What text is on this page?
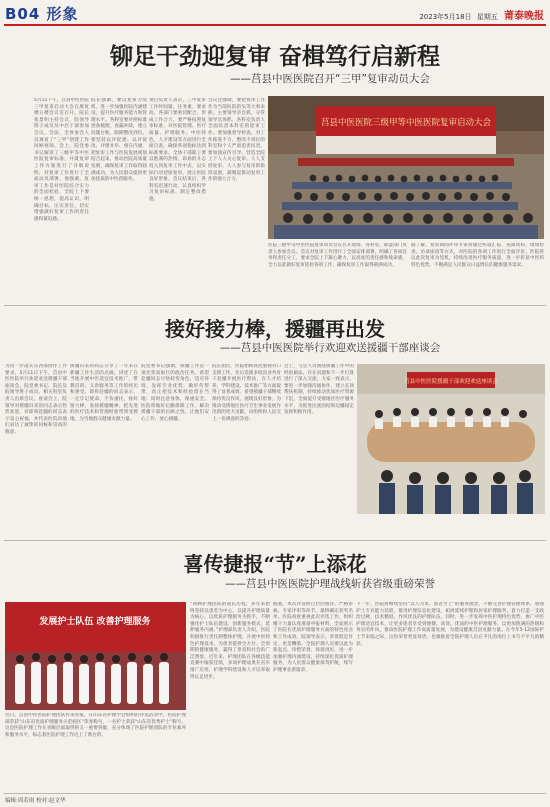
B04 形象	2023年5月18日 星期五 莆泰晚报
铆足干劲迎复审 奋楫笃行启新程
——莒县中医医院召开“三甲”复审动员大会
5月11下午，莒县中医医院三甲复审启动大会在康复楼五楼会议室召开。院长张景明主持会议，院领导班子成员及中层干部参加会议。会前，全体参会人员观看了“三甲”创建工作回顾视频。会上，院党委书记解读了三级甲等中医医院复审标准，并就复审工作方案进行了详细说明，对复审工作进行了全面动员部署。他强调，复审工作是对医院综合实力的全面检验，全院上下要统一思想，提高认识，明确目标，压实责任，切实增强做好复审工作的责任感和紧迫感。
院长强调，要以复审为契机，进一步加强医院内涵建设，提升医疗服务能力和管理水平。各科室要对照标准逐条梳理，查漏补缺，建立问题台账，限期整改到位。要坚持以评促建、以评促改、评建并举、重在内涵，把复审工作与医院发展规划结合起来，推动医院高质量发展，确保复审工作取得圆满成功，为人民群众提供更加优质的中医药服务。
项目负责人表示，三甲复审工作时间紧、任务重、要求高，各部门要密切配合，形成工作合力。要严格按照复审标准，对医院管理、医疗质量、护理服务、中医特色、人才建设等方面进行全面自查，确保各项指标达到标准要求。全体干部职工要以饱满的热情、昂扬的斗志投入到复审工作中去，以实际行动迎接复审，展示医院良好形象。会议结束后，各科室迅速行动，认真组织学习复审标准，制定整改措施。
会议还强调，要把复审工作作为当前医院的头等大事来抓，主要领导亲自抓，分管领导具体抓，各科室负责人全面负责本科室的迎审工作。要加强督导检查，对工作推进不力、整改不到位的科室和个人严肃追责问责。要加强宣传引导，营造全院上下人人关心复审、人人支持复审、人人参与复审的浓厚氛围，凝聚起推动复审工作的强大合力。
莒县中医医院三级甲等中医医院复审启动大会
医院三级甲等中医医院复审动员会议召开现场，各科室、职能部门负责人参加会议。会议对复审工作进行了全面安排部署，明确了各项任务和责任分工，要求全院上下凝心聚力，以高度的责任感和使命感，全力以赴做好复审迎检各项工作，确保复审工作取得圆满成功。
据了解，复审期间评审专家将通过听取汇报、查阅资料、现场检查、访谈座谈等方式，对医院的各项工作进行全面评价。医院将以此次复审为契机，持续改进医疗服务质量，进一步彰显中医药特色优势，不断满足人民群众日益增长的健康服务需求。
接好接力棒，援疆再出发
——莒县中医医院举行欢迎欢送援疆干部座谈会
为进一步落实东西部协作工作要求，5月11日下午，莒县中医医院举行欢迎欢送援疆干部座谈会。院党委书记、院长及院领导班子成员、相关科室负责人出席会议。座谈会上，院领导对援疆归来的同志表示热烈欢迎，对即将赴疆的同志表示衷心祝福，并代表医院向他们表达了诚挚的问候和崇高的敬意。
援疆归来的同志分享了一年来在新疆工作生活的点滴，讲述了在当地开展中医适宜技术推广、带教培训、义诊服务等工作的经历和感受。即将赴疆的同志表示，一定牢记使命、不负重托，接好接力棒，发扬援疆精神，把先进的医疗技术和管理经验带到受援地，为当地群众健康贡献力量。
院党委书记强调，援疆工作是一项光荣而艰巨的政治任务。希望赴疆同志尽快转变角色、适应环境，发挥专业优势，做好传帮带，真正把技术和经验留在当地；同时注意身体，保重安全。医院将做好后勤保障工作，解决援疆干部的后顾之忧，让他们安心工作、放心援疆。
院长指出，医院始终高度重视对口支援工作，先后选派多批次业务骨干赴疆开展医疗帮扶，在人才培养、学科建设、技术推广等方面取得了显著成效。希望援疆干部继续保持优良作风，展现良好形象，为推动受援地区医疗卫生事业发展作出新的更大贡献，向组织和人民交上一份满意的答卷。
会上，与会人员围绕援疆工作中的经验做法、存在问题和下一步打算进行了深入交流。大家一致表示，要进一步加强沟通协作，建立长效帮扶机制，持续推动优质医疗资源下沉，全面提升受援地区医疗服务水平，为促进民族团结和边疆稳定发挥积极作用。
莒县中医医院援疆干部欢迎欢送座谈会
喜传捷报“节”上添花
——莒县中医医院护理战线斩获省级重磅荣誉
发展护士队伍 改善护理服务
近日，莒县中医医院护理团队传来喜报，在山东省护理学会组织的评选活动中，医院护理部荣获“山东省优质护理服务示范病区”荣誉称号，一名护士荣获“山东省优秀护士”称号。这是医院护理工作在省级层面取得的又一重要突破，充分体现了医院护理团队的专业素养和服务水平，标志着医院护理工作迈上了新台阶。
“回顾护理团队的成长历程，多年来始终坚持以患者为中心，以提升护理质量为核心，以优质护理服务为抓手，不断强化护士队伍建设，创新服务模式，延伸服务内涵。”护理部负责人介绍，医院积极推行责任制整体护理，开展中医特色护理技术，为患者提供全方位、全周期的健康服务，赢得了患者和社会的广泛赞誉。近年来，护理团队在各级技能竞赛中屡获佳绩，多项护理成果在省市推广应用，护理学科建设和人才培养取得长足进步。
据悉，本次评选经过层层推荐、严格审核、专家评审等环节，最终确定获奖名单。医院高度重视此次评选工作，组织精干力量认真准备申报材料，全面展示了医院在优质护理服务方面的特色亮点和工作成效。院领导表示，荣誉既是肯定，更是鞭策。全院护理人员要以此为新起点，珍惜荣誉、再接再厉，进一步加强护理内涵建设，持续深化优质护理服务，为人民群众健康保驾护航，续写护理事业新篇章。
下一步，医院将继续坚持“以人为本、患者至上”的服务理念，不断完善护理管理体系，加强护士专业能力培训，推进护理信息化建设，拓展延续护理和居家护理服务，着力打造一支政治过硬、技术精湛、作风优良的护理队伍。同时，进一步发挥中医护理特色优势，推广中医护理适宜技术，让更多患者享受到便捷、高效、优质的中医护理服务，以更加饱满的热情和务实的作风，推动医院护理工作高质量发展，为建设健康莒县贡献力量。在今年5·12国际护士节来临之际，这份荣誉更显珍贵，也激励着全院护理人员在平凡的岗位上书写不平凡的精彩。
编辑:周若雨 校对:赵文华
